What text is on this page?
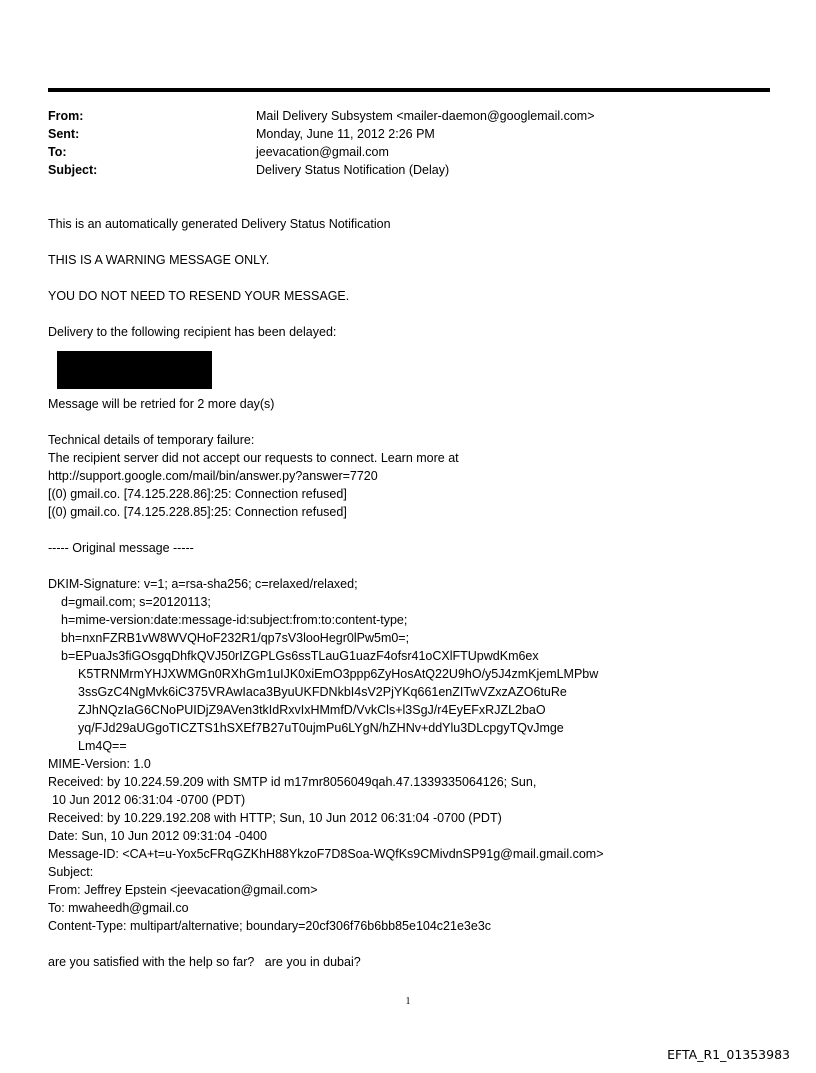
From:	Mail Delivery Subsystem <mailer-daemon@googlemail.com>
Sent:	Monday, June 11, 2012 2:26 PM
To:	jeevacation@gmail.com
Subject:	Delivery Status Notification (Delay)
This is an automatically generated Delivery Status Notification
THIS IS A WARNING MESSAGE ONLY.
YOU DO NOT NEED TO RESEND YOUR MESSAGE.
Delivery to the following recipient has been delayed:
Message will be retried for 2 more day(s)
Technical details of temporary failure:
The recipient server did not accept our requests to connect. Learn more at
http://support.google.com/mail/bin/answer.py?answer=7720
[(0) gmail.co. [74.125.228.86]:25: Connection refused]
[(0) gmail.co. [74.125.228.85]:25: Connection refused]
----- Original message -----
DKIM-Signature: v=1; a=rsa-sha256; c=relaxed/relaxed;
d=gmail.com; s=20120113;
h=mime-version:date:message-id:subject:from:to:content-type;
bh=nxnFZRB1vW8WVQHoF232R1/qp7sV3looHegr0lPw5m0=;
b=EPuaJs3fiGOsgqDhfkQVJ50rIZGPLGs6ssTLauG1uazF4ofsr41oCXlFTUpwdKm6ex
K5TRNMrmYHJXWMGn0RXhGm1uIJK0xiEmO3ppp6ZyHosAtQ22U9hO/y5J4zmKjemLMPbw
3ssGzC4NgMvk6iC375VRAwIaca3ByuUKFDNkbI4sV2PjYKq661enZITwVZxzAZO6tuRe
ZJhNQzIaG6CNoPUIDjZ9AVen3tkIdRxvIxHMmfD/VvkCls+l3SgJ/r4EyEFxRJZL2baO
yq/FJd29aUGgoTICZTS1hSXEf7B27uT0ujmPu6LYgN/hZHNv+ddYlu3DLcpgyTQvJmge
Lm4Q==
MIME-Version: 1.0
Received: by 10.224.59.209 with SMTP id m17mr8056049qah.47.1339335064126; Sun,
10 Jun 2012 06:31:04 -0700 (PDT)
Received: by 10.229.192.208 with HTTP; Sun, 10 Jun 2012 06:31:04 -0700 (PDT)
Date: Sun, 10 Jun 2012 09:31:04 -0400
Message-ID: <CA+t=u-Yox5cFRqGZKhH88YkzoF7D8Soa-WQfKs9CMivdnSP91g@mail.gmail.com>
Subject:
From: Jeffrey Epstein <jeevacation@gmail.com>
To: mwaheedh@gmail.co
Content-Type: multipart/alternative; boundary=20cf306f76b6bb85e104c21e3e3c
are you satisfied with the help so far?   are you in dubai?
1
EFTA_R1_01353983
